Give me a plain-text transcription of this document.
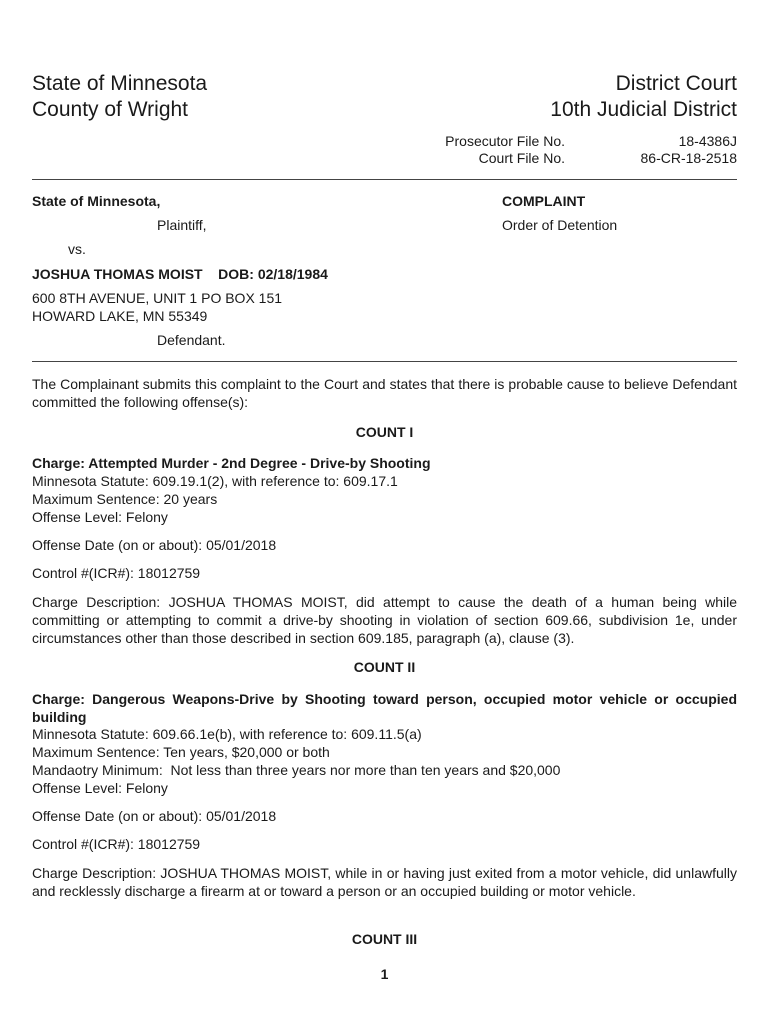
State of Minnesota
County of Wright
District Court
10th Judicial District
Prosecutor File No.	18-4386J
Court File No.	86-CR-18-2518
State of Minnesota,
Plaintiff,
vs.
JOSHUA THOMAS MOIST    DOB: 02/18/1984
600 8TH AVENUE, UNIT 1 PO BOX 151
HOWARD LAKE, MN 55349
Defendant.
COMPLAINT
Order of Detention
The Complainant submits this complaint to the Court and states that there is probable cause to believe Defendant committed the following offense(s):
COUNT I
Charge: Attempted Murder - 2nd Degree - Drive-by Shooting
Minnesota Statute: 609.19.1(2), with reference to: 609.17.1
Maximum Sentence: 20 years
Offense Level: Felony
Offense Date (on or about): 05/01/2018
Control #(ICR#): 18012759
Charge Description: JOSHUA THOMAS MOIST, did attempt to cause the death of a human being while committing or attempting to commit a drive-by shooting in violation of section 609.66, subdivision 1e, under circumstances other than those described in section 609.185, paragraph (a), clause (3).
COUNT II
Charge: Dangerous Weapons-Drive by Shooting toward person, occupied motor vehicle or occupied building
Minnesota Statute: 609.66.1e(b), with reference to: 609.11.5(a)
Maximum Sentence: Ten years, $20,000 or both
Mandaotry Minimum:  Not less than three years nor more than ten years and $20,000
Offense Level: Felony
Offense Date (on or about): 05/01/2018
Control #(ICR#): 18012759
Charge Description: JOSHUA THOMAS MOIST, while in or having just exited from a motor vehicle, did unlawfully and recklessly discharge a firearm at or toward a person or an occupied building or motor vehicle.
COUNT III
1
